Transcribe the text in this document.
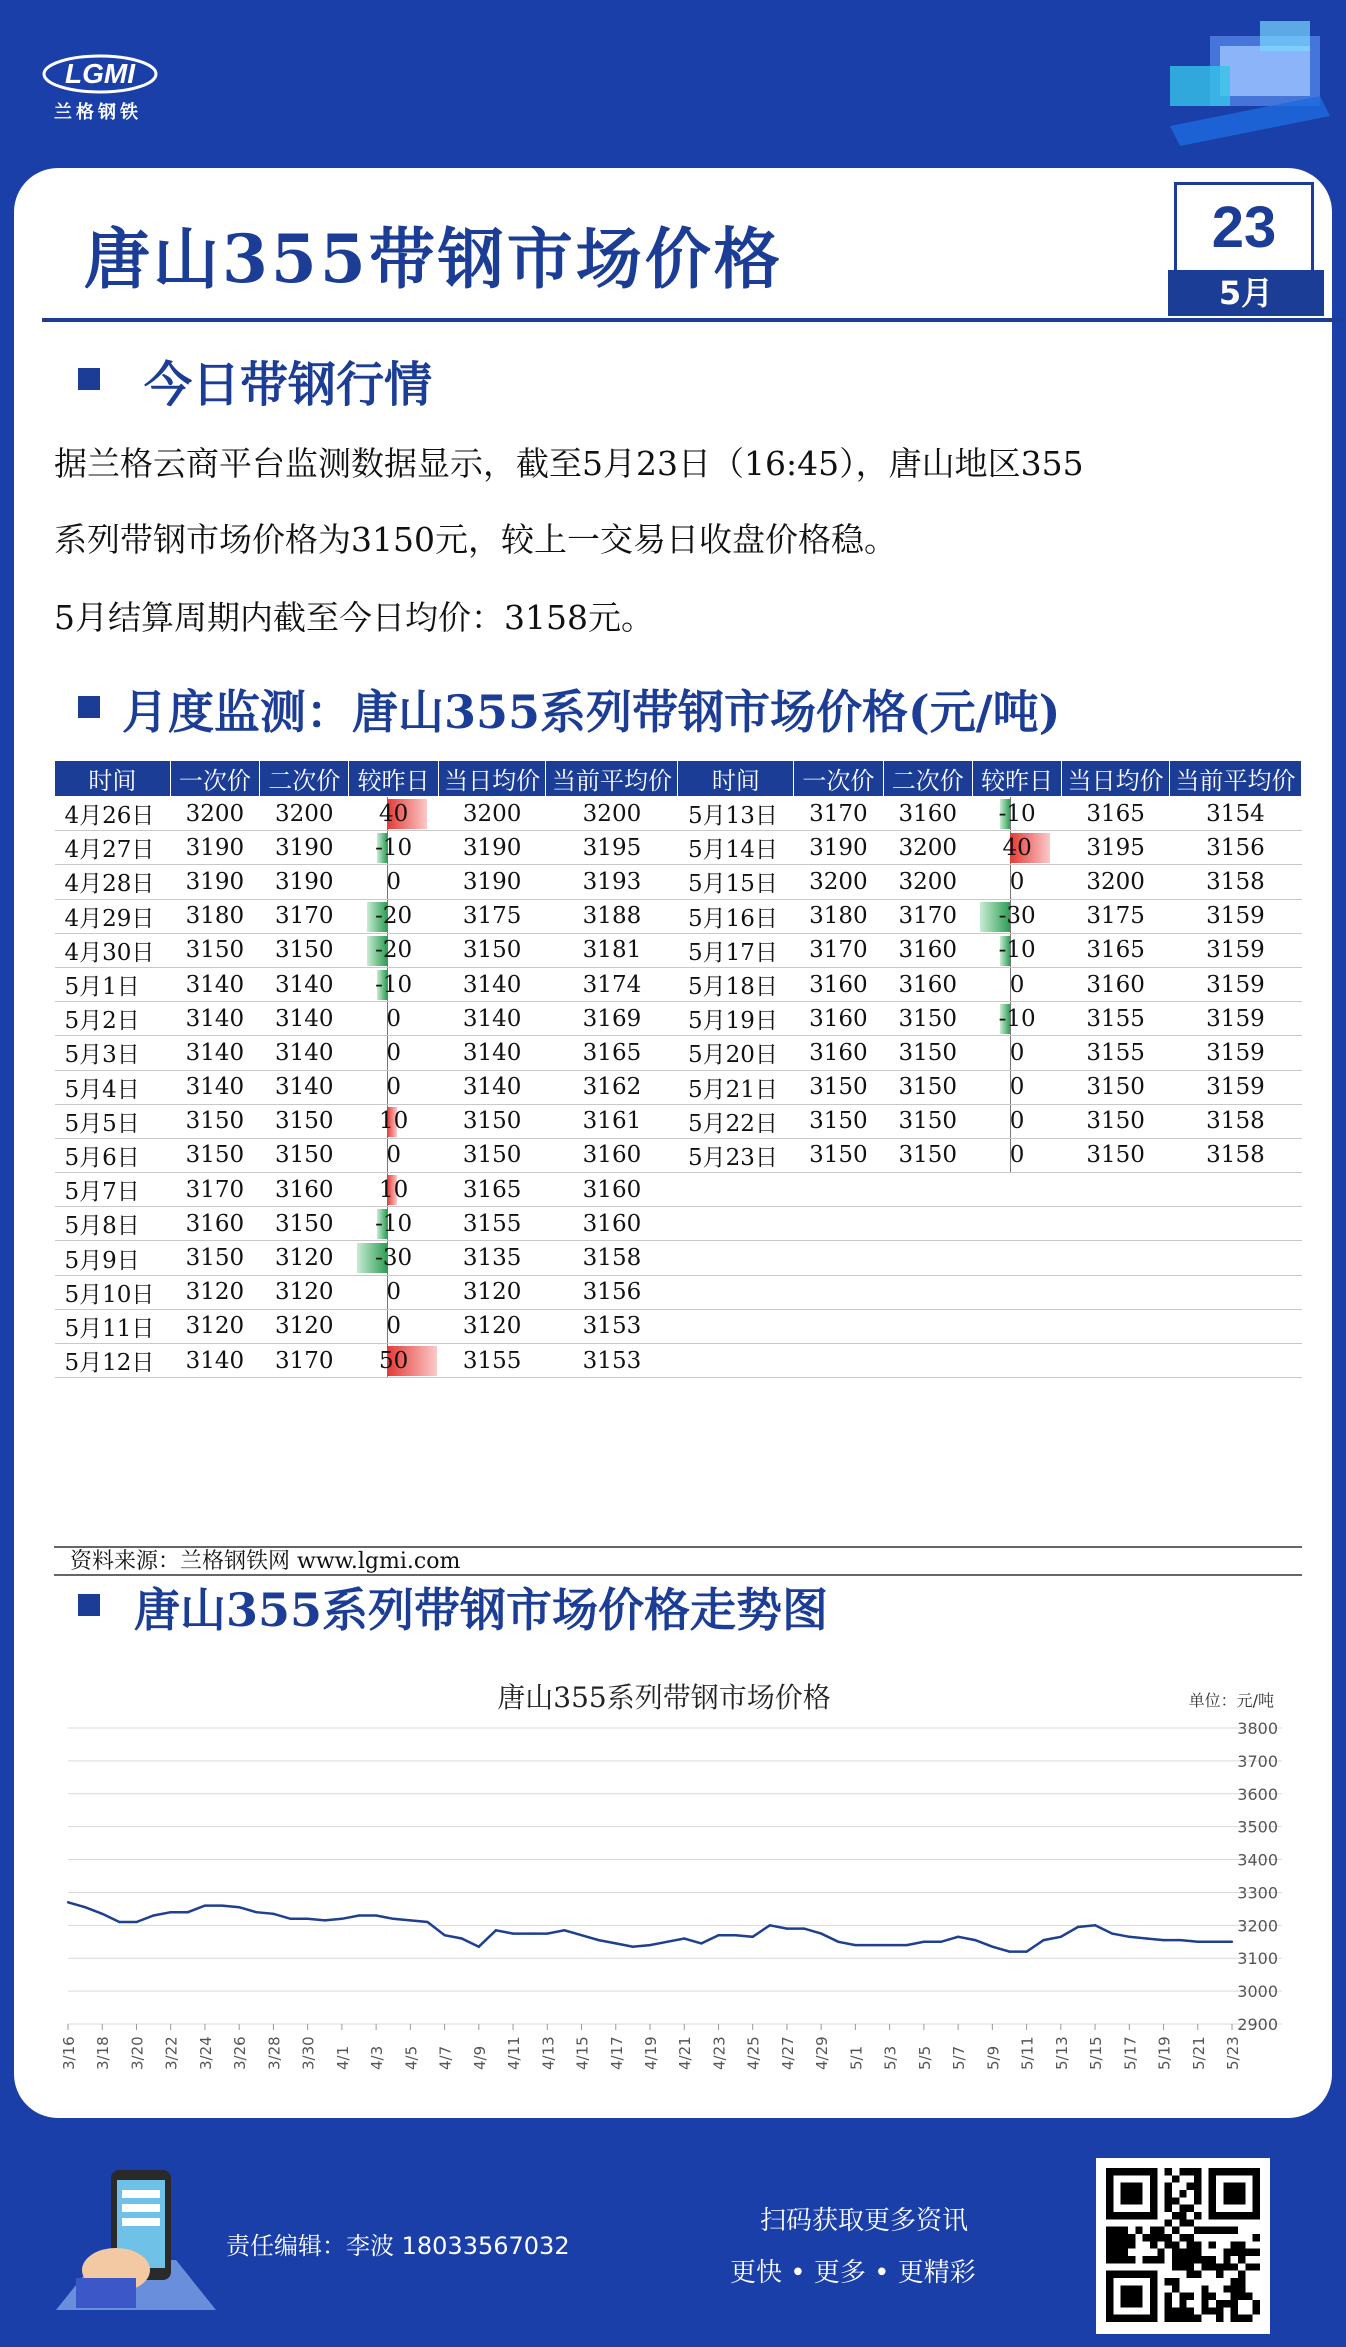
LGMI
兰格钢铁
唐山355带钢市场价格	23
5月
今日带钢行情
据兰格云商平台监测数据显示，截至5月23日（16:45），唐山地区355
系列带钢市场价格为3150元，较上一交易日收盘价格稳。
5月结算周期内截至今日均价：3158元。
月度监测：唐山355系列带钢市场价格(元/吨)
时间	一次价	二次价	较昨日	当日均价	当前平均价	时间	一次价	二次价	较昨日	当日均价	当前平均价
4月26日	3200	3200	40	3200	3200	5月13日	3170	3160	-10	3165	3154
4月27日	3190	3190	-10	3190	3195	5月14日	3190	3200	40	3195	3156
4月28日	3190	3190	0	3190	3193	5月15日	3200	3200	0	3200	3158
4月29日	3180	3170	-20	3175	3188	5月16日	3180	3170	-30	3175	3159
4月30日	3150	3150	-20	3150	3181	5月17日	3170	3160	-10	3165	3159
5月1日	3140	3140	-10	3140	3174	5月18日	3160	3160	0	3160	3159
5月2日	3140	3140	0	3140	3169	5月19日	3160	3150	-10	3155	3159
5月3日	3140	3140	0	3140	3165	5月20日	3160	3150	0	3155	3159
5月4日	3140	3140	0	3140	3162	5月21日	3150	3150	0	3150	3159
5月5日	3150	3150	10	3150	3161	5月22日	3150	3150	0	3150	3158
5月6日	3150	3150	0	3150	3160	5月23日	3150	3150	0	3150	3158
5月7日	3170	3160	10	3165	3160						
5月8日	3160	3150	-10	3155	3160						
5月9日	3150	3120	-30	3135	3158						
5月10日	3120	3120	0	3120	3156						
5月11日	3120	3120	0	3120	3153						
5月12日	3140	3170	50	3155	3153						
资料来源：兰格钢铁网 www.lgmi.com
唐山355系列带钢市场价格走势图
唐山355系列带钢市场价格	单位：元/吨
2900
3000
3100
3200
3300
3400
3500
3600
3700
3800
3/16 3/18 3/20 3/22 3/24 3/26 3/28 3/30 4/1 4/3 4/5 4/7 4/9 4/11 4/13 4/15 4/17 4/19 4/21 4/23 4/25 4/27 4/29 5/1 5/3 5/5 5/7 5/9 5/11 5/13 5/15 5/17 5/19 5/21 5/23
责任编辑：李波 18033567032
扫码获取更多资讯
更快 • 更多 • 更精彩
